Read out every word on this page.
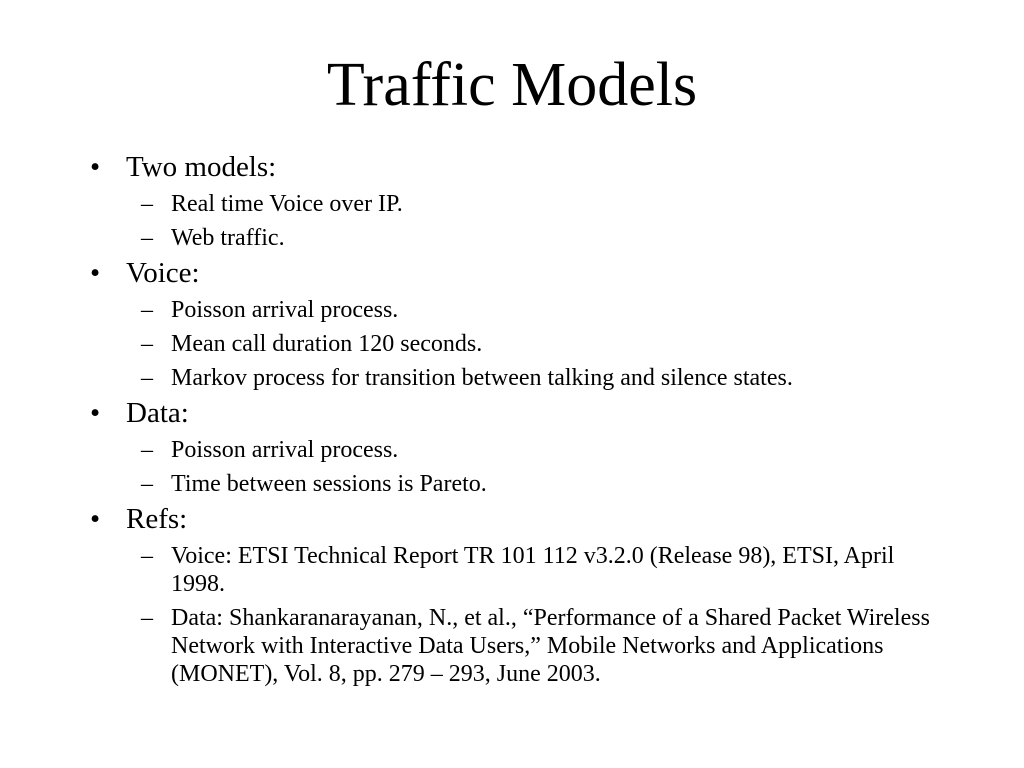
Traffic Models
• Two models:
– Real time Voice over IP.
– Web traffic.
• Voice:
– Poisson arrival process.
– Mean call duration 120 seconds.
– Markov process for transition between talking and silence states.
• Data:
– Poisson arrival process.
– Time between sessions is Pareto.
• Refs:
– Voice: ETSI Technical Report TR 101 112 v3.2.0 (Release 98), ETSI, April 1998.
– Data: Shankaranarayanan, N., et al., “Performance of a Shared Packet Wireless Network with Interactive Data Users,” Mobile Networks and Applications (MONET), Vol. 8, pp. 279 – 293, June 2003.
